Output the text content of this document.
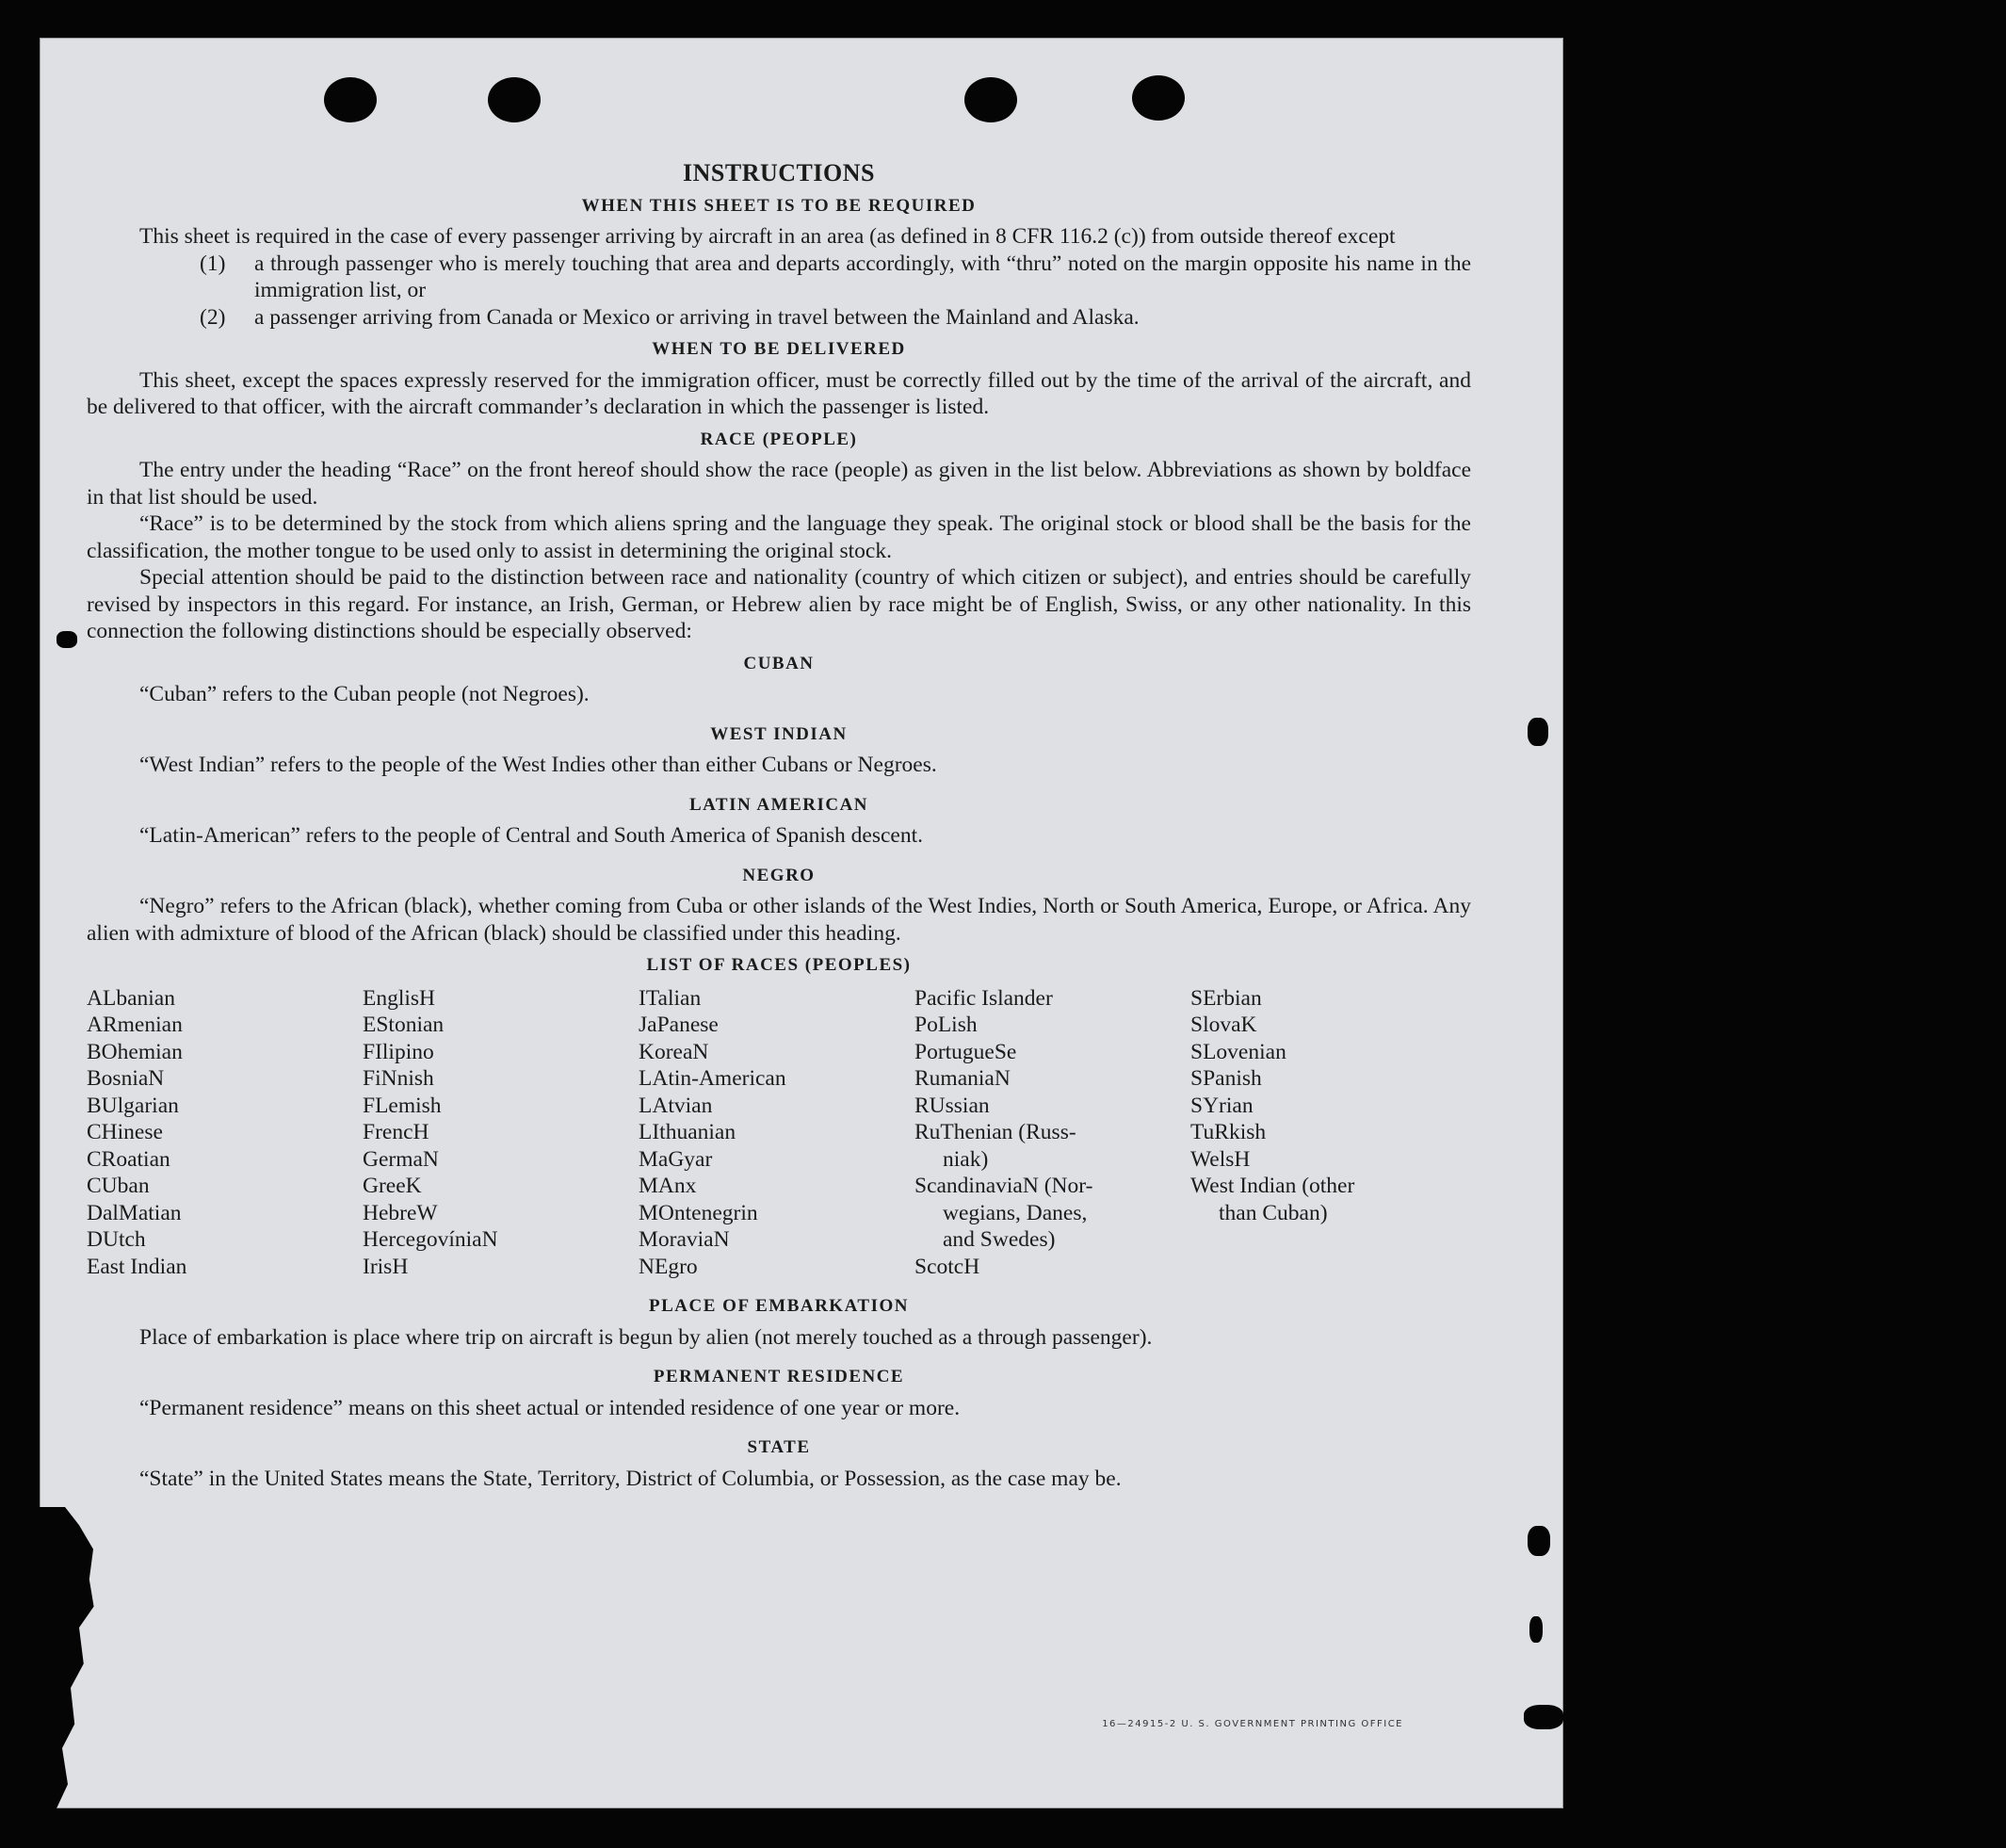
INSTRUCTIONS
WHEN THIS SHEET IS TO BE REQUIRED

This sheet is required in the case of every passenger arriving by aircraft in an area (as defined in 8 CFR 116.2 (c)) from outside thereof except

(1)	a through passenger who is merely touching that area and departs accordingly, with “thru” noted on the margin opposite his name in the immigration list, or
(2)	a passenger arriving from Canada or Mexico or arriving in travel between the Mainland and Alaska.
WHEN TO BE DELIVERED

This sheet, except the spaces expressly reserved for the immigration officer, must be correctly filled out by the time of the arrival of the aircraft, and be delivered to that officer, with the aircraft commander’s declaration in which the passenger is listed.

RACE (PEOPLE)

The entry under the heading “Race” on the front hereof should show the race (people) as given in the list below. Abbreviations as shown by boldface in that list should be used.

“Race” is to be determined by the stock from which aliens spring and the language they speak. The original stock or blood shall be the basis for the classification, the mother tongue to be used only to assist in determining the original stock.

Special attention should be paid to the distinction between race and nationality (country of which citizen or subject), and entries should be carefully revised by inspectors in this regard. For instance, an Irish, German, or Hebrew alien by race might be of English, Swiss, or any other nationality. In this connection the following distinctions should be especially observed:

CUBAN

“Cuban” refers to the Cuban people (not Negroes).

WEST INDIAN

“West Indian” refers to the people of the West Indies other than either Cubans or Negroes.

LATIN AMERICAN

“Latin-American” refers to the people of Central and South America of Spanish descent.

NEGRO

“Negro” refers to the African (black), whether coming from Cuba or other islands of the West Indies, North or South America, Europe, or Africa. Any alien with admixture of blood of the African (black) should be classified under this heading.

LIST OF RACES (PEOPLES)
ALbanian
ARmenian
BOhemian
BosniaN
BUlgarian
CHinese
CRoatian
CUban
DalMatian
DUtch
East Indian
EnglisH
EStonian
FIlipino
FiNnish
FLemish
FrencH
GermaN
GreeK
HebreW
HercegovíniaN
IrisH
ITalian
JaPanese
KoreaN
LAtin-American
LAtvian
LIthuanian
MaGyar
MAnx
MOntenegrin
MoraviaN
NEgro
Pacific Islander
PoLish
PortugueSe
RumaniaN
RUssian
RuThenian (Russ-
niak)
ScandinaviaN (Nor-
wegians, Danes,
and Swedes)
ScotcH
SErbian
SlovaK
SLovenian
SPanish
SYrian
TuRkish
WelsH
West Indian (other
than Cuban)
PLACE OF EMBARKATION

Place of embarkation is place where trip on aircraft is begun by alien (not merely touched as a through passenger).

PERMANENT RESIDENCE

“Permanent residence” means on this sheet actual or intended residence of one year or more.

STATE

“State” in the United States means the State, Territory, District of Columbia, or Possession, as the case may be.

16—24915-2 U. S. GOVERNMENT PRINTING OFFICE
